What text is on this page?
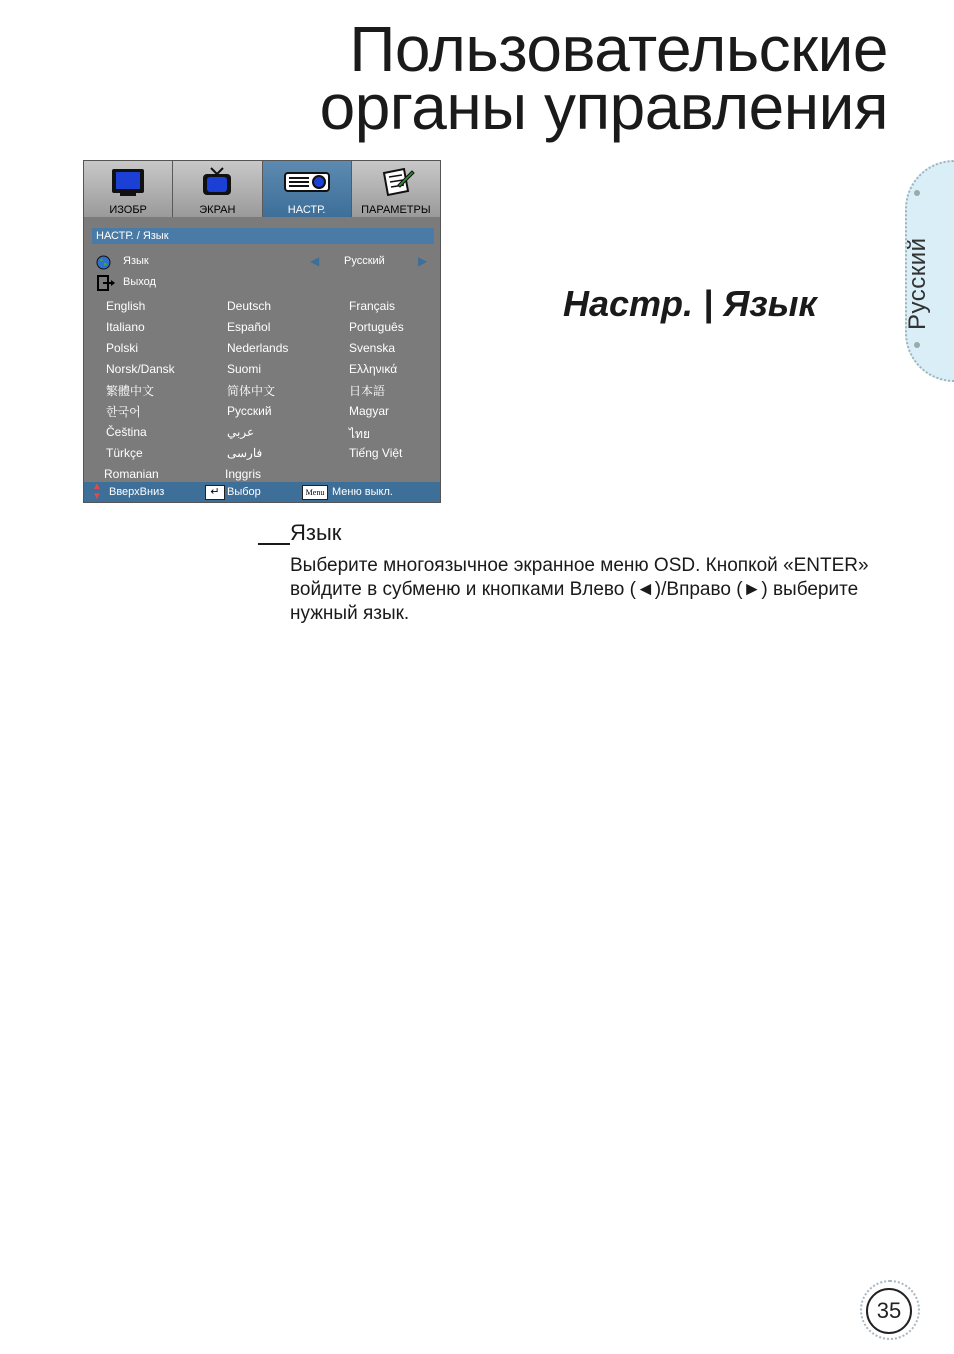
Пользовательские
органы управления
Русский
ИЗОБР	ЭКРАН	НАСТР.	ПАРАМЕТРЫ
НАСТР. / Язык
Язык	◀ Русский	▶
Выход
English	Deutsch	Français
Italiano	Español	Português
Polski	Nederlands	Svenska
Norsk/Dansk	Suomi	Ελληνικά
繁體中文	简体中文	日本語
한국어	Русский	Magyar
Čeština	عربي	ไทย
Türkçe	فارسی	Tiếng Việt
Romanian	Inggris
▲
▼ ВверхВниз	↵ Выбор	Menu Меню выкл.
Настр. | Язык
Язык

Выберите многоязычное экранное меню OSD. Кнопкой «ENTER» войдите в субменю и кнопками Влево (◄)/Вправо (►) выберите нужный язык.

35
